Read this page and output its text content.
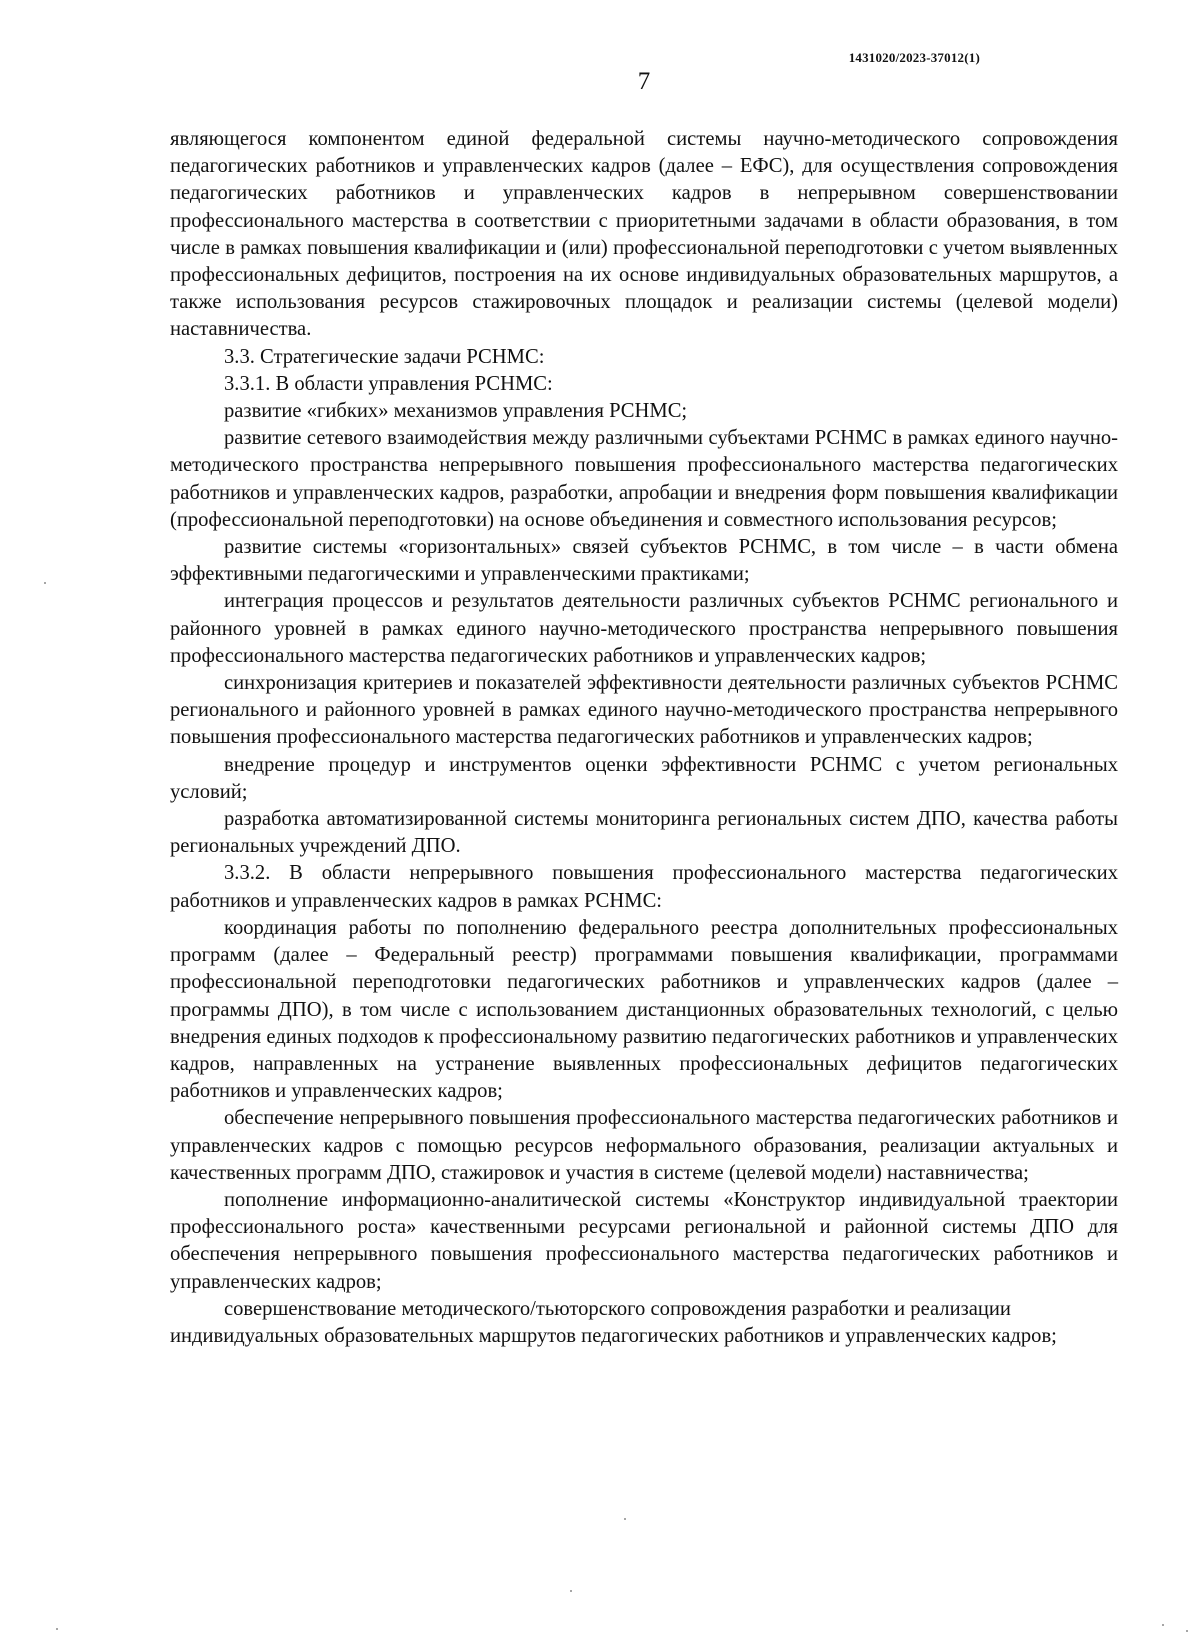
1431020/2023-37012(1)
7

являющегося компонентом единой федеральной системы научно-методического сопровождения педагогических работников и управленческих кадров (далее – ЕФС), для осуществления сопровождения педагогических работников и управленческих кадров в непрерывном совершенствовании профессионального мастерства в соответствии с приоритетными задачами в области образования, в том числе в рамках повышения квалификации и (или) профессиональной переподготовки с учетом выявленных профессиональных дефицитов, построения на их основе индивидуальных образовательных маршрутов, а также использования ресурсов стажировочных площадок и реализации системы (целевой модели) наставничества.

3.3. Стратегические задачи РСНМС:

3.3.1. В области управления РСНМС:

развитие «гибких» механизмов управления РСНМС;

развитие сетевого взаимодействия между различными субъектами РСНМС в рамках единого научно-методического пространства непрерывного повышения профессионального мастерства педагогических работников и управленческих кадров, разработки, апробации и внедрения форм повышения квалификации (профессиональной переподготовки) на основе объединения и совместного использования ресурсов;

развитие системы «горизонтальных» связей субъектов РСНМС, в том числе – в части обмена эффективными педагогическими и управленческими практиками;

интеграция процессов и результатов деятельности различных субъектов РСНМС регионального и районного уровней в рамках единого научно-методического пространства непрерывного повышения профессионального мастерства педагогических работников и управленческих кадров;

синхронизация критериев и показателей эффективности деятельности различных субъектов РСНМС регионального и районного уровней в рамках единого научно-методического пространства непрерывного повышения профессионального мастерства педагогических работников и управленческих кадров;

внедрение процедур и инструментов оценки эффективности РСНМС с учетом региональных условий;

разработка автоматизированной системы мониторинга региональных систем ДПО, качества работы региональных учреждений ДПО.

3.3.2. В области непрерывного повышения профессионального мастерства педагогических работников и управленческих кадров в рамках РСНМС:

координация работы по пополнению федерального реестра дополнительных профессиональных программ (далее – Федеральный реестр) программами повышения квалификации, программами профессиональной переподготовки педагогических работников и управленческих кадров (далее – программы ДПО), в том числе с использованием дистанционных образовательных технологий, с целью внедрения единых подходов к профессиональному развитию педагогических работников и управленческих кадров, направленных на устранение выявленных профессиональных дефицитов педагогических работников и управленческих кадров;

обеспечение непрерывного повышения профессионального мастерства педагогических работников и управленческих кадров с помощью ресурсов неформального образования, реализации актуальных и качественных программ ДПО, стажировок и участия в системе (целевой модели) наставничества;

пополнение информационно-аналитической системы «Конструктор индивидуальной траектории профессионального роста» качественными ресурсами региональной и районной системы ДПО для обеспечения непрерывного повышения профессионального мастерства педагогических работников и управленческих кадров;

совершенствование методического/тьюторского сопровождения разработки и реализации индивидуальных образовательных маршрутов педагогических работников и управленческих кадров;
